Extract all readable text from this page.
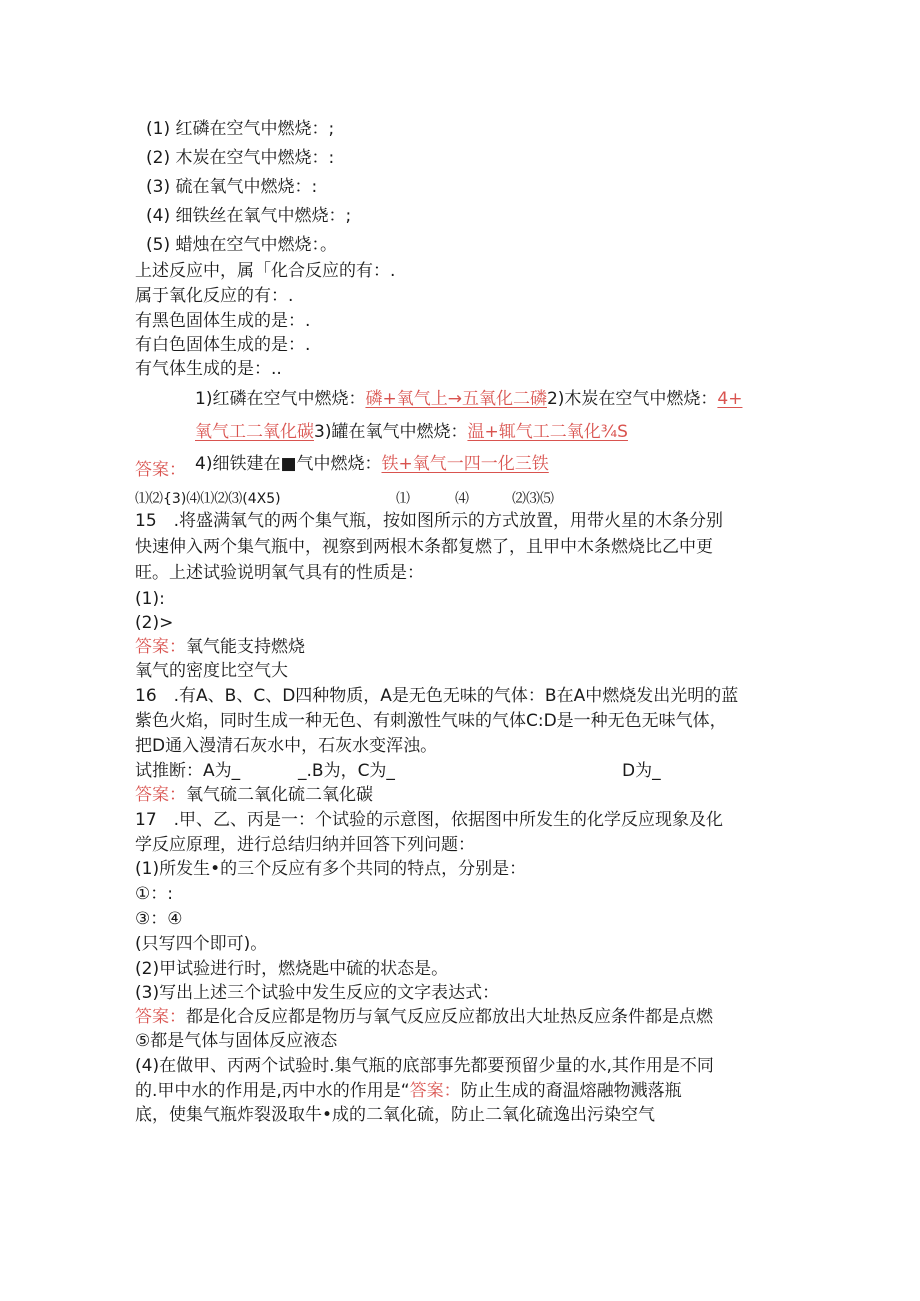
(1) 红磷在空气中燃烧：;
(2) 木炭在空气中燃烧：:
(3) 硫在氧气中燃烧：:
(4) 细铁丝在氧气中燃烧：;
(5) 蜡烛在空气中燃烧：。
上述反应中，属「化合反应的有：.
属于氧化反应的有：.
有黑色固体生成的是：.
有白色固体生成的是：.
有气体生成的是：..
1)红磷在空气中燃烧：磷+氧气上→五氧化二磷2)木炭在空气中燃烧：4+
氧气工二氧化碳3)罐在氧气中燃烧：温+辄气工二氧化¾S
答案： 4)细铁建在■气中燃烧：铁+氧气一四一化三铁
⑴⑵{3)⑷⑴⑵⑶(4X5)	⑴	⑷	⑵⑶⑸
15　.将盛满氧气的两个集气瓶，按如图所示的方式放置，用带火星的木条分别
快速伸入两个集气瓶中，视察到两根木条都复燃了，且甲中木条燃烧比乙中更
旺。上述试验说明氧气具有的性质是：
(1):
(2)>
答案：氧气能支持燃烧
氧气的密度比空气大
16　.有A、B、C、D四种物质，A是无色无味的气体：B在A中燃烧发出光明的蓝
紫色火焰，同时生成一种无色、有刺激性气味的气体C:D是一种无色无味气体，
把D通入漫清石灰水中，石灰水变浑浊。
试推断：A为_	_.B为，C为_	D为_
答案：氧气硫二氧化硫二氧化碳
17　.甲、乙、丙是一：个试验的示意图，依据图中所发生的化学反应现象及化
学反应原理，进行总结归纳并回答下列问题：
(1)所发生•的三个反应有多个共同的特点，分别是：
①：:
③：④
(只写四个即可)。
(2)甲试验进行时，燃烧匙中硫的状态是。
(3)写出上述三个试验中发生反应的文字表达式：
答案：都是化合反应都是物历与氧气反应反应都放出大址热反应条件都是点燃
⑤都是气体与固体反应液态
(4)在做甲、丙两个试验时.集气瓶的底部事先都要预留少量的水,其作用是不同
的.甲中水的作用是,丙中水的作用是“答案：防止生成的裔温熔融物溅落瓶
底，使集气瓶炸裂汲取牛•成的二氧化硫，防止二氧化硫逸出污染空气
